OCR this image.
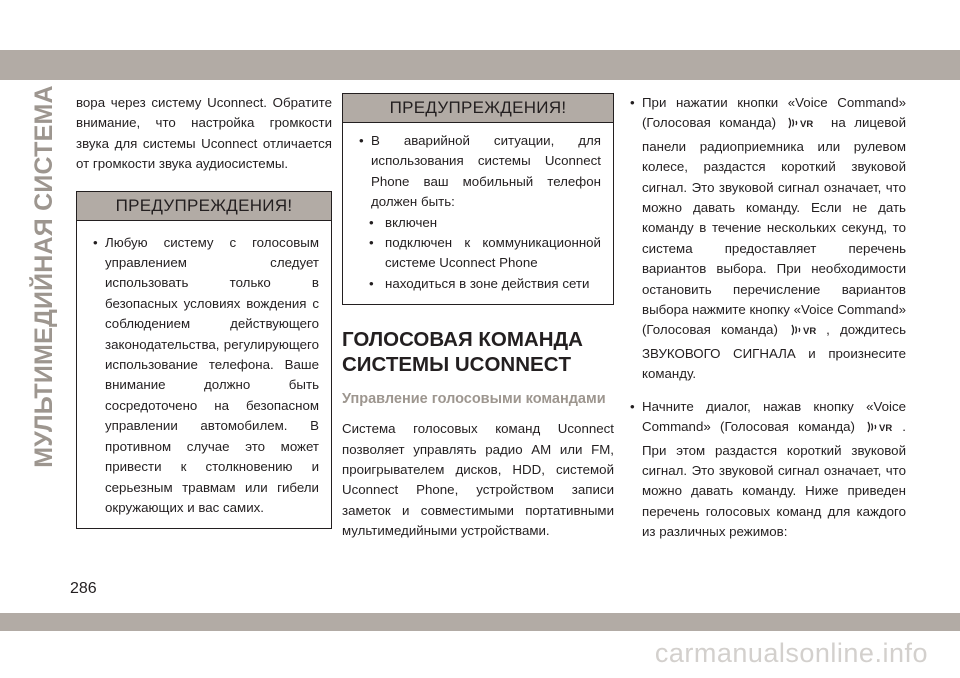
МУЛЬТИМЕДИЙНАЯ СИСТЕМА вора через систему Uconnect. Обратите внимание, что настройка громкости звука для системы Uconnect отличается от громкости звука аудиосистемы.

ПРЕДУПРЕЖДЕНИЯ!
• Любую систему с голосовым управлением следует использовать только в безопасных условиях вождения с соблюдением действующего законодательства, регулирующего использование телефона. Ваше внимание должно быть сосредоточено на безопасном управлении автомобилем. В противном случае это может привести к столкновению и серьезным травмам или гибели окружающих и вас самих.
ПРЕДУПРЕЖДЕНИЯ!
• В аварийной ситуации, для использования системы Uconnect Phone ваш мобильный телефон должен быть:
• включен
• подключен к коммуникационной системе Uconnect Phone
• находиться в зоне действия сети
ГОЛОСОВАЯ КОМАНДА
СИСТЕМЫ UCONNECT
Управление голосовыми командами

Система голосовых команд Uconnect позволяет управлять радио AM или FM, проигрывателем дисков, HDD, системой Uconnect Phone, устройством записи заметок и совместимыми портативными мультимедийными устройствами.

• При нажатии кнопки «Voice Command» (Голосовая команда) VR на лицевой панели радиоприемника или рулевом колесе, раздастся короткий звуковой сигнал. Это звуковой сигнал означает, что можно давать команду. Если не дать команду в течение нескольких секунд, то система предоставляет перечень вариантов выбора. При необходимости остановить перечисление вариантов выбора нажмите кнопку «Voice Command» (Голосовая команда)	VR , дождитесь ЗВУКОВОГО СИГНАЛА и произнесите команду.
• Начните диалог, нажав кнопку «Voice Command» (Голосовая команда)	VR . При этом раздастся короткий звуковой сигнал. Это звуковой сигнал означает, что можно давать команду. Ниже приведен перечень голосовых команд для каждого из различных режимов:
286
carmanualsonline.info
